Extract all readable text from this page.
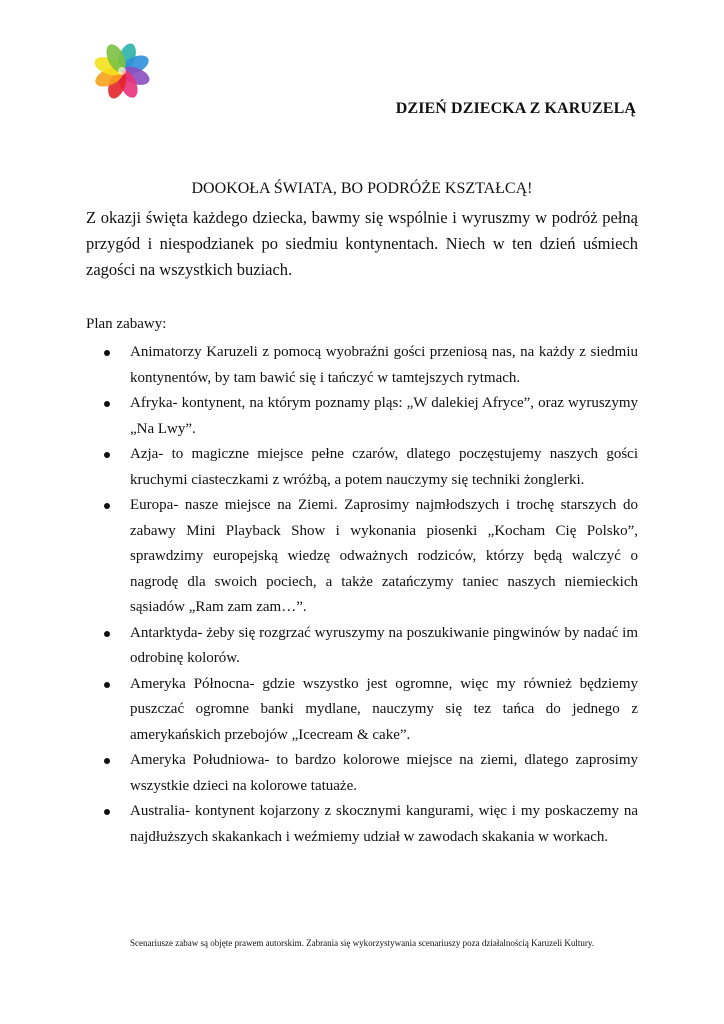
DZIEŃ DZIECKA Z KARUZELĄ
DOOKOŁA ŚWIATA, BO PODRÓŻE KSZTAŁCĄ!

Z okazji święta każdego dziecka, bawmy się wspólnie i wyruszmy w podróż pełną przygód i niespodzianek po siedmiu kontynentach. Niech w ten dzień uśmiech zagości na wszystkich buziach.

Plan zabawy:
Animatorzy Karuzeli z pomocą wyobraźni gości przeniosą nas, na każdy z siedmiu kontynentów, by tam bawić się i tańczyć w tamtejszych rytmach.
Afryka- kontynent, na którym poznamy pląs: „W dalekiej Afryce”, oraz wyruszymy „Na Lwy”.
Azja- to magiczne miejsce pełne czarów, dlatego poczęstujemy naszych gości kruchymi ciasteczkami z wróżbą, a potem nauczymy się techniki żonglerki.
Europa- nasze miejsce na Ziemi. Zaprosimy najmłodszych i trochę starszych do zabawy Mini Playback Show i wykonania piosenki „Kocham Cię Polsko”, sprawdzimy europejską wiedzę odważnych rodziców, którzy będą walczyć o nagrodę dla swoich pociech, a także zatańczymy taniec naszych niemieckich sąsiadów „Ram zam zam…”.
Antarktyda- żeby się rozgrzać wyruszymy na poszukiwanie pingwinów by nadać im odrobinę kolorów.
Ameryka Północna- gdzie wszystko jest ogromne, więc my również będziemy puszczać ogromne banki mydlane, nauczymy się tez tańca do jednego z amerykańskich przebojów „Icecream & cake”.
Ameryka Południowa- to bardzo kolorowe miejsce na ziemi, dlatego zaprosimy wszystkie dzieci na kolorowe tatuaże.
Australia- kontynent kojarzony z skocznymi kangurami, więc i my poskaczemy na najdłuższych skakankach i weźmiemy udział w zawodach skakania w workach.
Scenariusze zabaw są objęte prawem autorskim. Zabrania się wykorzystywania scenariuszy poza działalnością Karuzeli Kultury.
